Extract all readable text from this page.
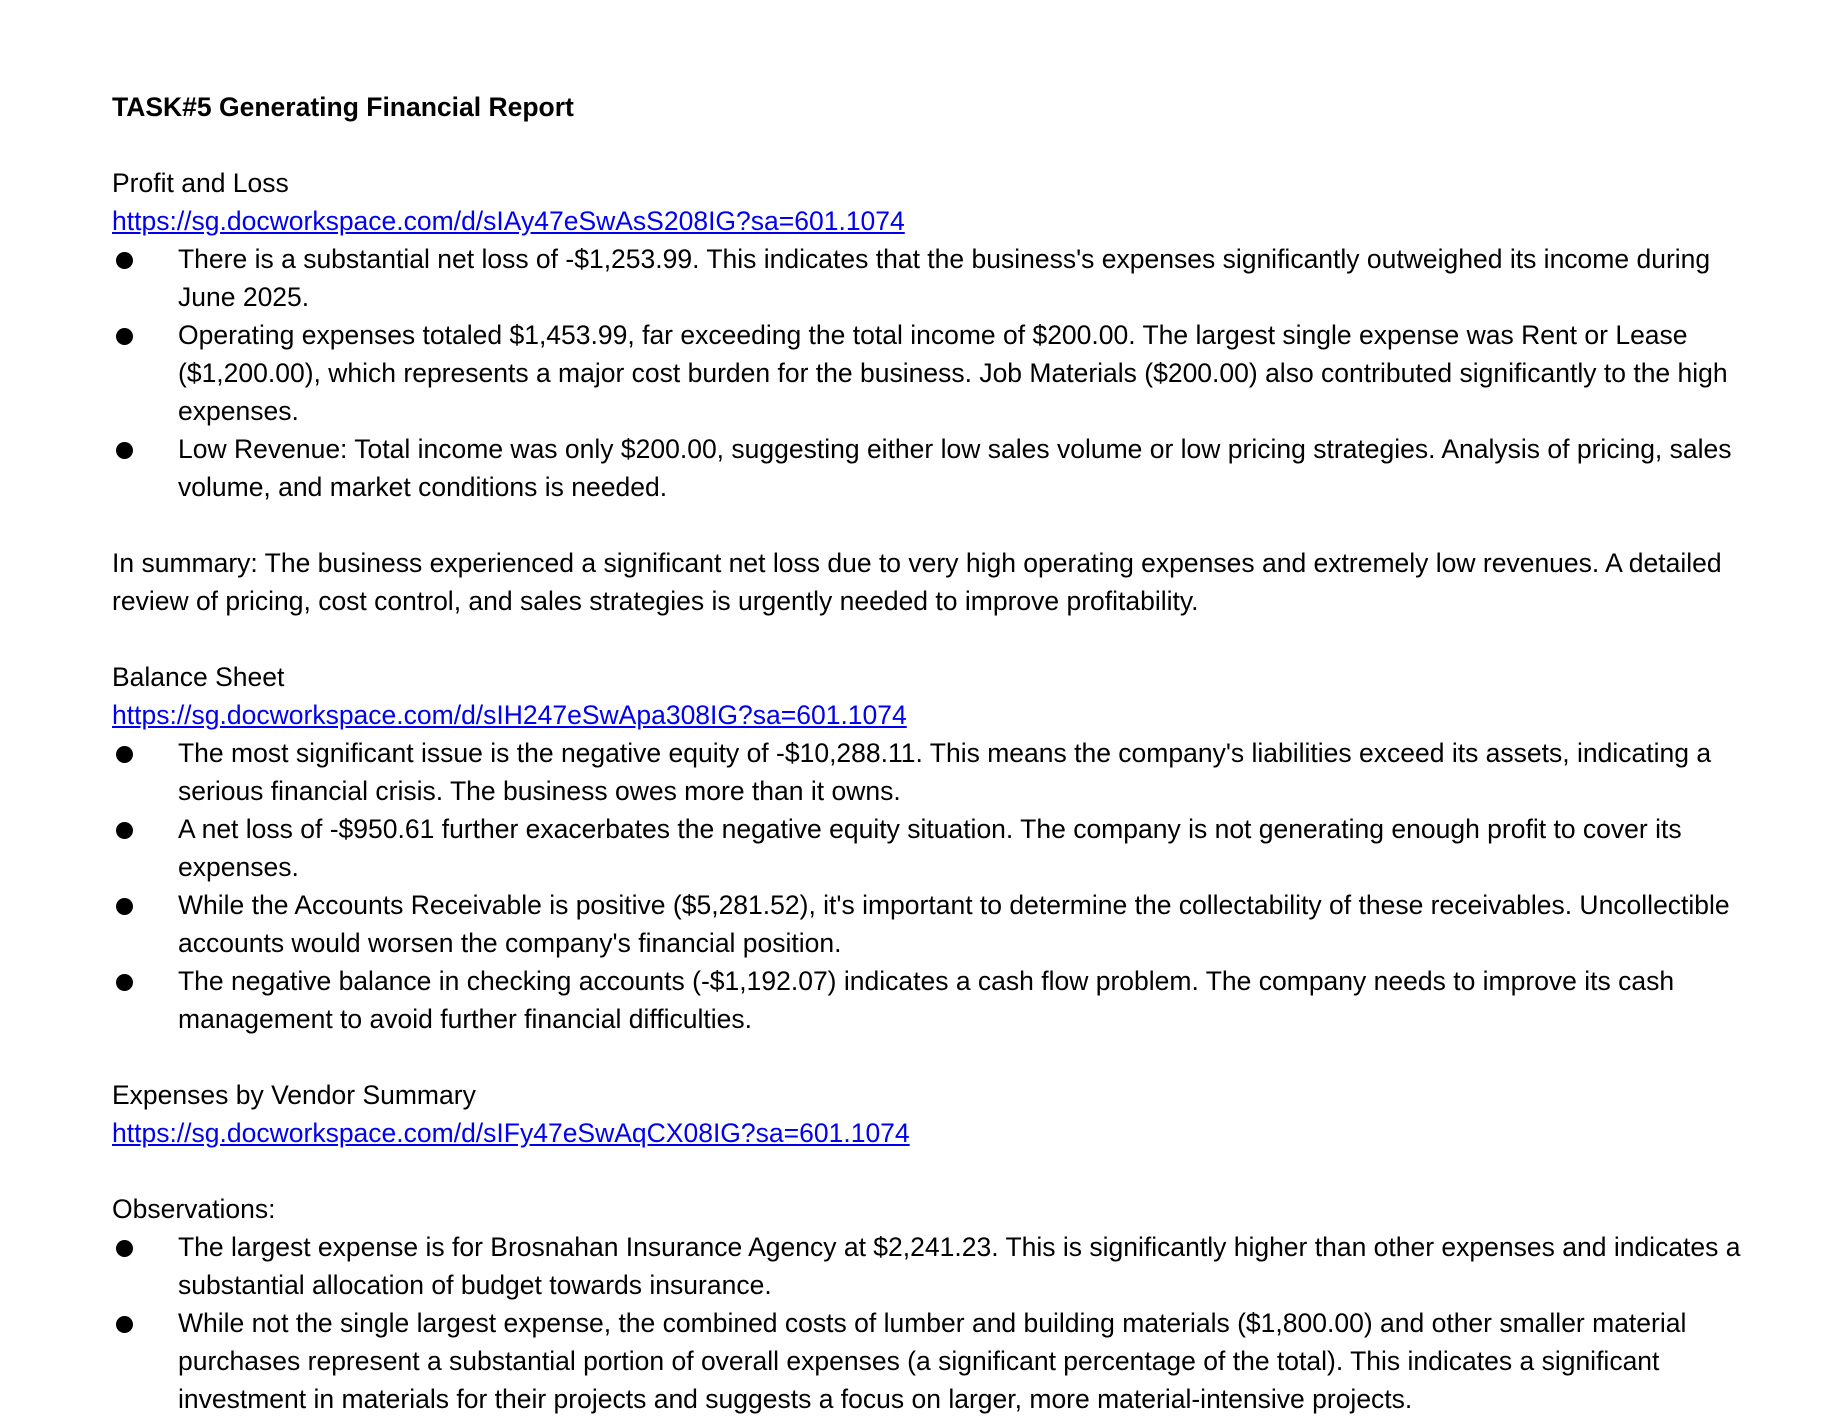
TASK#5 Generating Financial Report
Profit and Loss
https://sg.docworkspace.com/d/sIAy47eSwAsS208IG?sa=601.1074
There is a substantial net loss of -$1,253.99. This indicates that the business's expenses significantly outweighed its income during June 2025.
Operating expenses totaled $1,453.99, far exceeding the total income of $200.00. The largest single expense was Rent or Lease ($1,200.00), which represents a major cost burden for the business. Job Materials ($200.00) also contributed significantly to the high expenses.
Low Revenue: Total income was only $200.00, suggesting either low sales volume or low pricing strategies. Analysis of pricing, sales volume, and market conditions is needed.

In summary: The business experienced a significant net loss due to very high operating expenses and extremely low revenues. A detailed review of pricing, cost control, and sales strategies is urgently needed to improve profitability.

Balance Sheet
https://sg.docworkspace.com/d/sIH247eSwApa308IG?sa=601.1074
The most significant issue is the negative equity of -$10,288.11. This means the company's liabilities exceed its assets, indicating a serious financial crisis. The business owes more than it owns.
A net loss of -$950.61 further exacerbates the negative equity situation. The company is not generating enough profit to cover its expenses.
While the Accounts Receivable is positive ($5,281.52), it's important to determine the collectability of these receivables. Uncollectible accounts would worsen the company's financial position.
The negative balance in checking accounts (-$1,192.07) indicates a cash flow problem. The company needs to improve its cash management to avoid further financial difficulties.
Expenses by Vendor Summary
https://sg.docworkspace.com/d/sIFy47eSwAqCX08IG?sa=601.1074
Observations:
The largest expense is for Brosnahan Insurance Agency at $2,241.23. This is significantly higher than other expenses and indicates a substantial allocation of budget towards insurance.
While not the single largest expense, the combined costs of lumber and building materials ($1,800.00) and other smaller material purchases represent a substantial portion of overall expenses (a significant percentage of the total). This indicates a significant investment in materials for their projects and suggests a focus on larger, more material-intensive projects.
